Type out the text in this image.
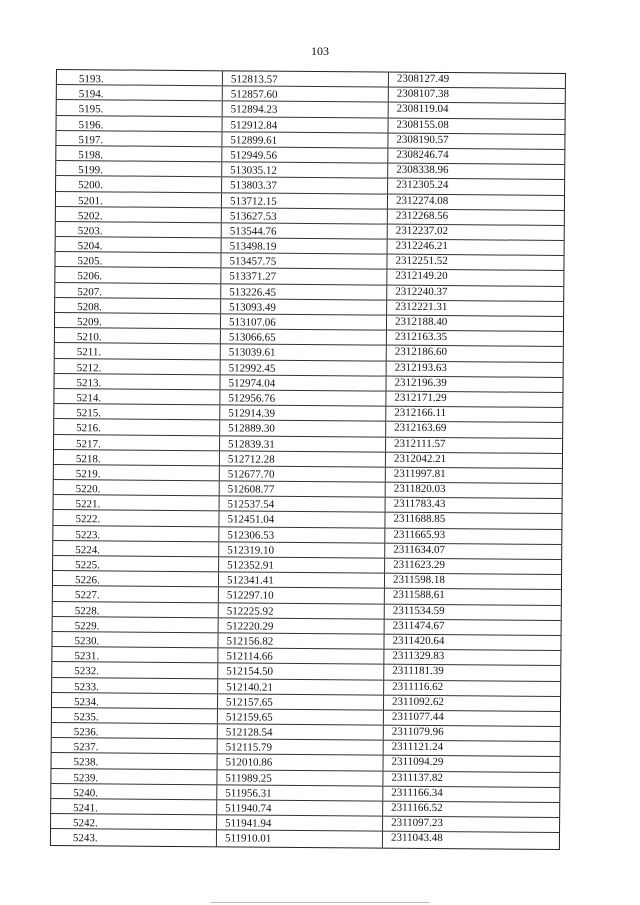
103
5193.	512813.57	2308127.49
5194.	512857.60	2308107.38
5195.	512894.23	2308119.04
5196.	512912.84	2308155.08
5197.	512899.61	2308190.57
5198.	512949.56	2308246.74
5199.	513035.12	2308338.96
5200.	513803.37	2312305.24
5201.	513712.15	2312274.08
5202.	513627.53	2312268.56
5203.	513544.76	2312237.02
5204.	513498.19	2312246.21
5205.	513457.75	2312251.52
5206.	513371.27	2312149.20
5207.	513226.45	2312240.37
5208.	513093.49	2312221.31
5209.	513107.06	2312188.40
5210.	513066.65	2312163.35
5211.	513039.61	2312186.60
5212.	512992.45	2312193.63
5213.	512974.04	2312196.39
5214.	512956.76	2312171.29
5215.	512914.39	2312166.11
5216.	512889.30	2312163.69
5217.	512839.31	2312111.57
5218.	512712.28	2312042.21
5219.	512677.70	2311997.81
5220.	512608.77	2311820.03
5221.	512537.54	2311783.43
5222.	512451.04	2311688.85
5223.	512306.53	2311665.93
5224.	512319.10	2311634.07
5225.	512352.91	2311623.29
5226.	512341.41	2311598.18
5227.	512297.10	2311588.61
5228.	512225.92	2311534.59
5229.	512220.29	2311474.67
5230.	512156.82	2311420.64
5231.	512114.66	2311329.83
5232.	512154.50	2311181.39
5233.	512140.21	2311116.62
5234.	512157.65	2311092.62
5235.	512159.65	2311077.44
5236.	512128.54	2311079.96
5237.	512115.79	2311121.24
5238.	512010.86	2311094.29
5239.	511989.25	2311137.82
5240.	511956.31	2311166.34
5241.	511940.74	2311166.52
5242.	511941.94	2311097.23
5243.	511910.01	2311043.48
